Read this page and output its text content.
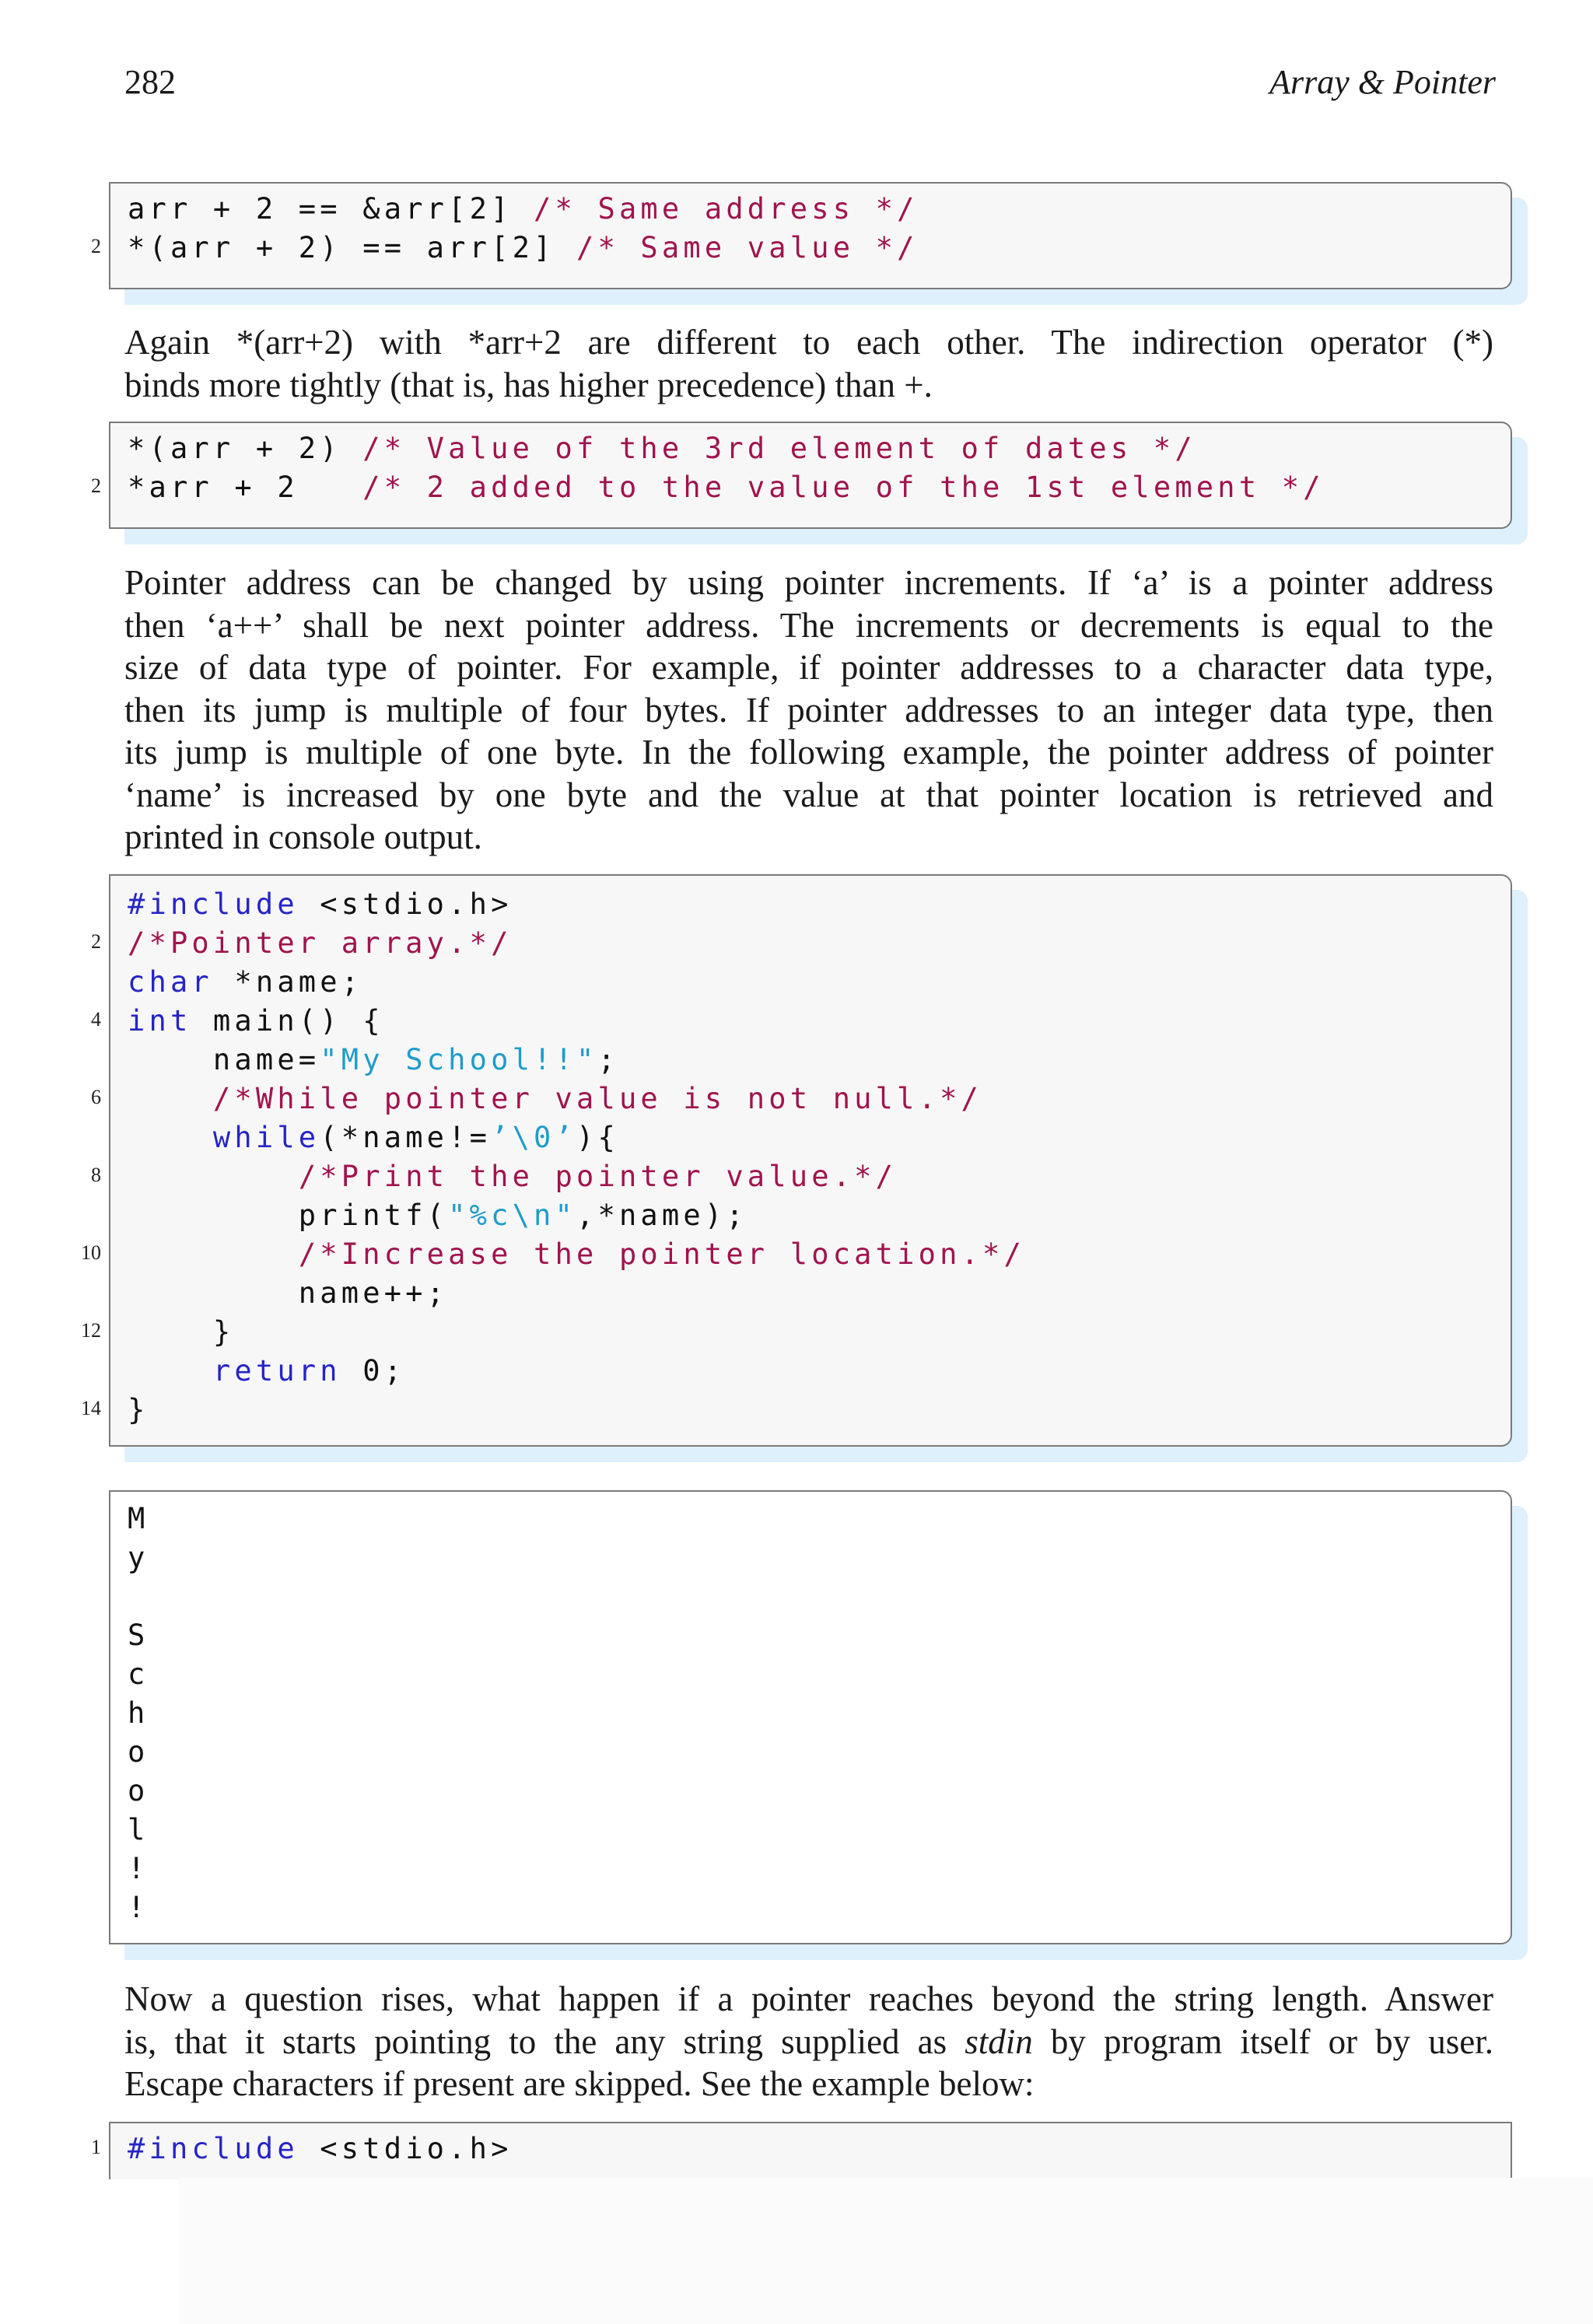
282	Array & Pointer
arr + 2 == &arr[2] /* Same address */
2 *(arr + 2) == arr[2] /* Same value */
Again *(arr+2) with *arr+2 are different to each other. The indirection operator (*)
binds more tightly (that is, has higher precedence) than +.
*(arr + 2) /* Value of the 3rd element of dates */
2 *arr + 2   /* 2 added to the value of the 1st element */
Pointer address can be changed by using pointer increments. If ‘a’ is a pointer address
then ‘a++’ shall be next pointer address. The increments or decrements is equal to the
size of data type of pointer. For example, if pointer addresses to a character data type,
then its jump is multiple of four bytes. If pointer addresses to an integer data type, then
its jump is multiple of one byte. In the following example, the pointer address of pointer
‘name’ is increased by one byte and the value at that pointer location is retrieved and
printed in console output.
#include <stdio.h>
2 /*Pointer array.*/
char *name;
4 int main() {
name="My School!!";
6	/*While pointer value is not null.*/
while(*name!=’\0’){
8	/*Print the pointer value.*/
printf("%c\n",*name);
10	/*Increase the pointer location.*/
name++;
12 }
return 0;
14 }
M
y
S
c
h
o
o
l
!
!
Now a question rises, what happen if a pointer reaches beyond the string length. Answer
is, that it starts pointing to the any string supplied as stdin by program itself or by user.
Escape characters if present are skipped. See the example below:
1 #include <stdio.h>
